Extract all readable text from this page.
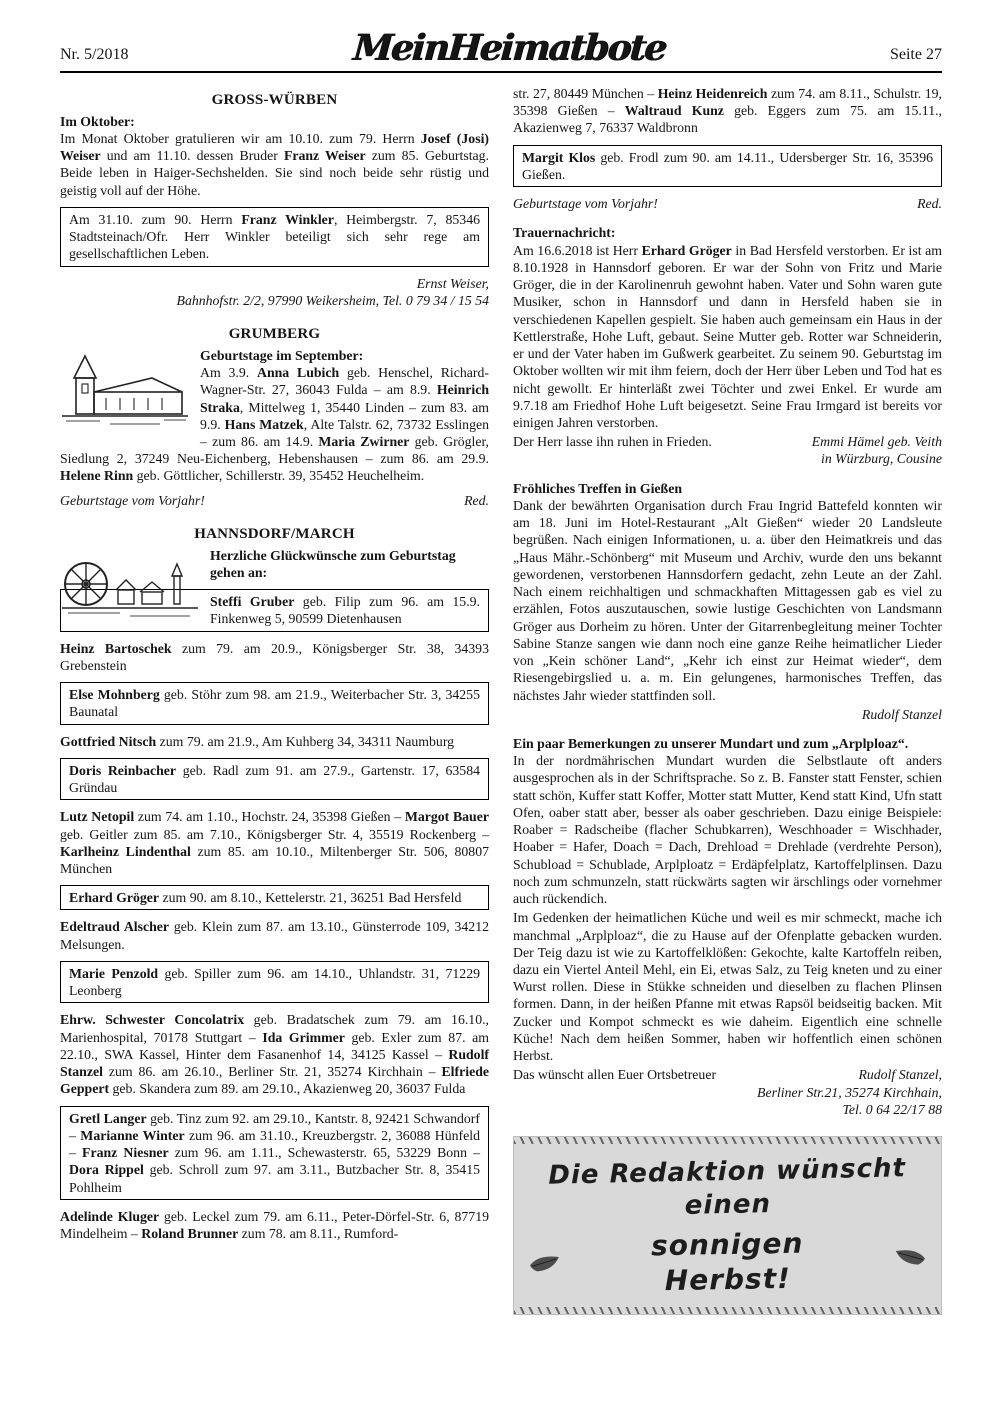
Nr. 5/2018	MeinHeimatbote	Seite 27
GROSS-WÜRBEN

Im Oktober:

Im Monat Oktober gratulieren wir am 10.10. zum 79. Herrn Josef (Josi) Weiser und am 11.10. dessen Bruder Franz Weiser zum 85. Geburtstag. Beide leben in Haiger-Sechshelden. Sie sind noch beide sehr rüstig und geistig voll auf der Höhe.

Am 31.10. zum 90. Herrn Franz Winkler, Heimbergstr. 7, 85346 Stadtsteinach/Ofr. Herr Winkler beteiligt sich sehr rege am gesellschaftlichen Leben.
Ernst Weiser,
Bahnhofstr. 2/2, 97990 Weikersheim, Tel. 0 79 34 / 15 54
GRUMBERG

Geburtstage im September:

Am 3.9. Anna Lubich geb. Henschel, Richard-Wagner-Str. 27, 36043 Fulda – am 8.9. Heinrich Straka, Mittelweg 1, 35440 Linden – zum 83. am 9.9. Hans Matzek, Alte Talstr. 62, 73732 Esslingen – zum 86. am 14.9. Maria Zwirner geb. Grögler, Siedlung 2, 37249 Neu-Eichenberg, Hebenshausen – zum 86. am 29.9. Helene Rinn geb. Göttlicher, Schillerstr. 39, 35452 Heuchelheim.

Geburtstage vom Vorjahr!	Red.
HANNSDORF/MARCH

Herzliche Glückwünsche zum Geburtstag gehen an:

Steffi Gruber geb. Filip zum 96. am 15.9. Finkenweg 5, 90599 Dietenhausen

Heinz Bartoschek zum 79. am 20.9., Königsberger Str. 38, 34393 Grebenstein

Else Mohnberg geb. Stöhr zum 98. am 21.9., Weiterbacher Str. 3, 34255 Baunatal

Gottfried Nitsch zum 79. am 21.9., Am Kuhberg 34, 34311 Naumburg

Doris Reinbacher geb. Radl zum 91. am 27.9., Gartenstr. 17, 63584 Gründau

Lutz Netopil zum 74. am 1.10., Hochstr. 24, 35398 Gießen – Margot Bauer geb. Geitler zum 85. am 7.10., Königsberger Str. 4, 35519 Rockenberg – Karlheinz Lindenthal zum 85. am 10.10., Miltenberger Str. 506, 80807 München

Erhard Gröger zum 90. am 8.10., Kettelerstr. 21, 36251 Bad Hersfeld

Edeltraud Alscher geb. Klein zum 87. am 13.10., Günsterrode 109, 34212 Melsungen.

Marie Penzold geb. Spiller zum 96. am 14.10., Uhlandstr. 31, 71229 Leonberg

Ehrw. Schwester Concolatrix geb. Bradatschek zum 79. am 16.10., Marienhospital, 70178 Stuttgart – Ida Grimmer geb. Exler zum 87. am 22.10., SWA Kassel, Hinter dem Fasanenhof 14, 34125 Kassel – Rudolf Stanzel zum 86. am 26.10., Berliner Str. 21, 35274 Kirchhain – Elfriede Geppert geb. Skandera zum 89. am 29.10., Akazienweg 20, 36037 Fulda

Gretl Langer geb. Tinz zum 92. am 29.10., Kantstr. 8, 92421 Schwandorf – Marianne Winter zum 96. am 31.10., Kreuzbergstr. 2, 36088 Hünfeld – Franz Niesner zum 96. am 1.11., Schewasterstr. 65, 53229 Bonn – Dora Rippel geb. Schroll zum 97. am 3.11., Butzbacher Str. 8, 35415 Pohlheim

Adelinde Kluger geb. Leckel zum 79. am 6.11., Peter-Dörfel-Str. 6, 87719 Mindelheim – Roland Brunner zum 78. am 8.11., Rumford-

str. 27, 80449 München – Heinz Heidenreich zum 74. am 8.11., Schulstr. 19, 35398 Gießen – Waltraud Kunz geb. Eggers zum 75. am 15.11., Akazienweg 7, 76337 Waldbronn

Margit Klos geb. Frodl zum 90. am 14.11., Udersberger Str. 16, 35396 Gießen.
Geburtstage vom Vorjahr!	Red.

Trauernachricht:

Am 16.6.2018 ist Herr Erhard Gröger in Bad Hersfeld verstorben. Er ist am 8.10.1928 in Hannsdorf geboren. Er war der Sohn von Fritz und Marie Gröger, die in der Karolinenruh gewohnt haben. Vater und Sohn waren gute Musiker, schon in Hannsdorf und dann in Hersfeld haben sie in verschiedenen Kapellen gespielt. Sie haben auch gemeinsam ein Haus in der Kettlerstraße, Hohe Luft, gebaut. Seine Mutter geb. Rotter war Schneiderin, er und der Vater haben im Gußwerk gearbeitet. Zu seinem 90. Geburtstag im Oktober wollten wir mit ihm feiern, doch der Herr über Leben und Tod hat es nicht gewollt. Er hinterläßt zwei Töchter und zwei Enkel. Er wurde am 9.7.18 am Friedhof Hohe Luft beigesetzt. Seine Frau Irmgard ist bereits vor einigen Jahren verstorben.

Der Herr lasse ihn ruhen in Frieden.	Emmi Hämel geb. Veith
in Würzburg, Cousine

Fröhliches Treffen in Gießen

Dank der bewährten Organisation durch Frau Ingrid Battefeld konnten wir am 18. Juni im Hotel-Restaurant „Alt Gießen“ wieder 20 Landsleute begrüßen. Nach einigen Informationen, u. a. über den Heimatkreis und das „Haus Mähr.-Schönberg“ mit Museum und Archiv, wurde den uns bekannt gewordenen, verstorbenen Hannsdorfern gedacht, zehn Leute an der Zahl. Nach einem reichhaltigen und schmackhaften Mittagessen gab es viel zu erzählen, Fotos auszutauschen, sowie lustige Geschichten von Landsmann Gröger aus Dorheim zu hören. Unter der Gitarrenbegleitung meiner Tochter Sabine Stanze sangen wie dann noch eine ganze Reihe heimatlicher Lieder von „Kein schöner Land“, „Kehr ich einst zur Heimat wieder“, dem Riesengebirgslied u. a. m. Ein gelungenes, harmonisches Treffen, das nächstes Jahr wieder stattfinden soll.

Rudolf Stanzel

Ein paar Bemerkungen zu unserer Mundart und zum „Arplploaz“.

In der nordmährischen Mundart wurden die Selbstlaute oft anders ausgesprochen als in der Schriftsprache. So z. B. Fanster statt Fenster, schien statt schön, Kuffer statt Koffer, Motter statt Mutter, Kend statt Kind, Ufn statt Ofen, oaber statt aber, besser als oaber geschrieben. Dazu einige Beispiele: Roaber = Radscheibe (flacher Schubkarren), Weschhoader = Wischhader, Hoaber = Hafer, Doach = Dach, Drehload = Drehlade (verdrehte Person), Schubload = Schublade, Arplploatz = Erdäpfelplatz, Kartoffelplinsen. Dazu noch zum schmunzeln, statt rückwärts sagten wir ärschlings oder vornehmer auch rückendich.

Im Gedenken der heimatlichen Küche und weil es mir schmeckt, mache ich manchmal „Arplploaz“, die zu Hause auf der Ofenplatte gebacken wurden. Der Teig dazu ist wie zu Kartoffelklößen: Gekochte, kalte Kartoffeln reiben, dazu ein Viertel Anteil Mehl, ein Ei, etwas Salz, zu Teig kneten und zu einer Wurst rollen. Diese in Stükke schneiden und dieselben zu flachen Plinsen formen. Dann, in der heißen Pfanne mit etwas Rapsöl beidseitig backen. Mit Zucker und Kompot schmeckt es wie daheim. Eigentlich eine schnelle Küche! Nach dem heißen Sommer, haben wir hoffentlich einen schönen Herbst.

Das wünscht allen Euer Ortsbetreuer	Rudolf Stanzel,
Berliner Str.21, 35274 Kirchhain,
Tel. 0 64 22/17 88
Die Redaktion wünscht einen
sonnigen Herbst!
